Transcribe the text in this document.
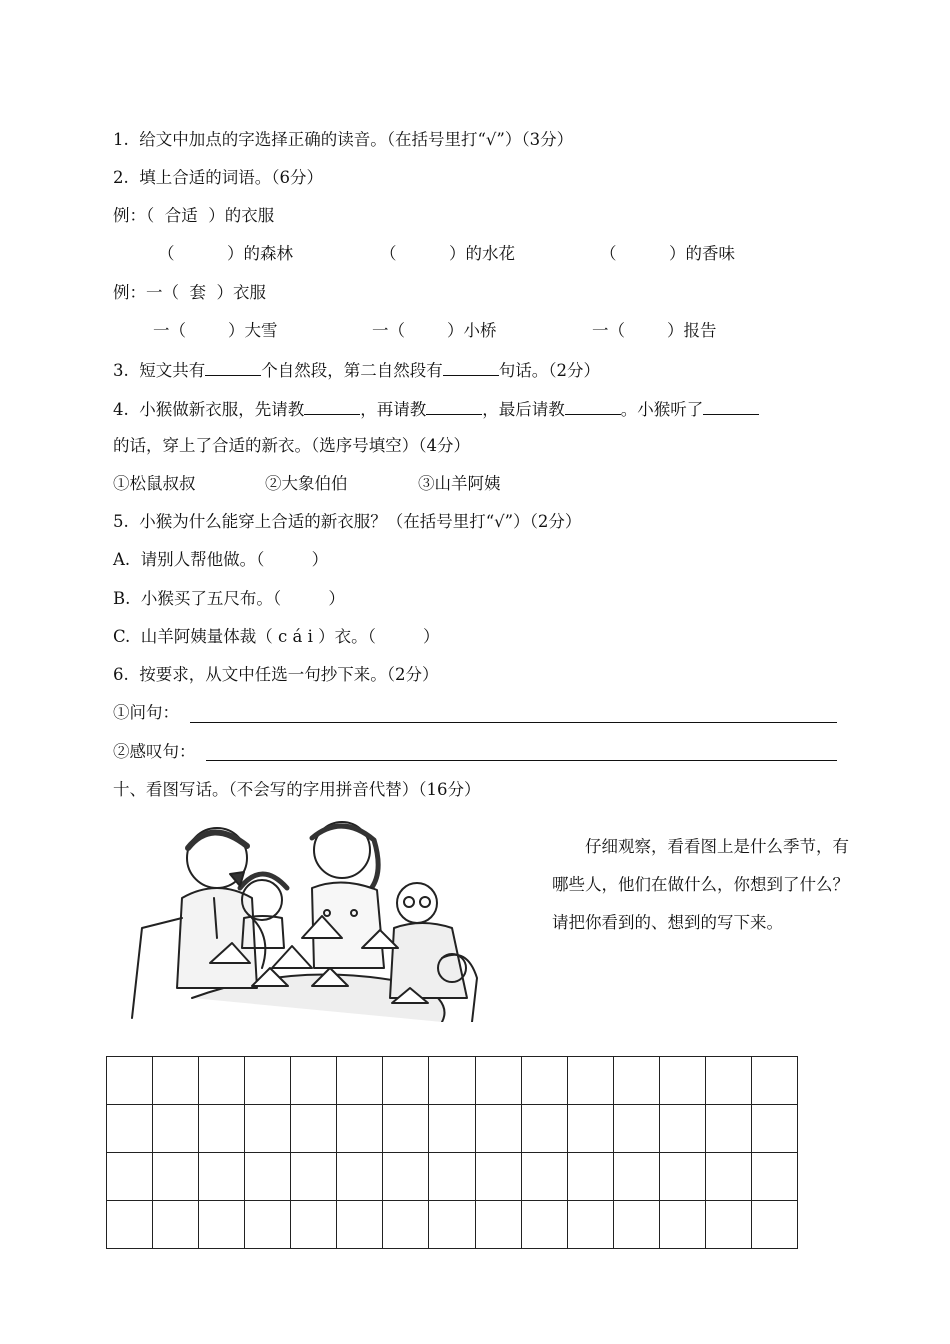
1.  给文中加点的字选择正确的读音。（在括号里打“√”）（3分）
2.  填上合适的词语。（6分）
例：（  合适  ）的衣服
（          ）的森林	（          ）的水花	（          ）的香味
例：一（  套  ）衣服
一（        ）大雪	一（        ）小桥	一（        ）报告
3.  短文共有	个自然段，第二自然段有	句话。（2分）
4.  小猴做新衣服，先请教	，再请教	，最后请教	。小猴听了
的话，穿上了合适的新衣。（选序号填空）（4分）
①松鼠叔叔	②大象伯伯	③山羊阿姨
5.  小猴为什么能穿上合适的新衣服？（在括号里打“√”）（2分）
A.  请别人帮他做。（         ）
B.  小猴买了五尺布。（         ）
C.  山羊阿姨量体裁（ c á i ）衣。（         ）
6.  按要求，从文中任选一句抄下来。（2分）
①问句：
②感叹句：
十、看图写话。（不会写的字用拼音代替）（16分）

仔细观察，看看图上是什么季节，有哪些人，他们在做什么，你想到了什么？请把你看到的、想到的写下来。
